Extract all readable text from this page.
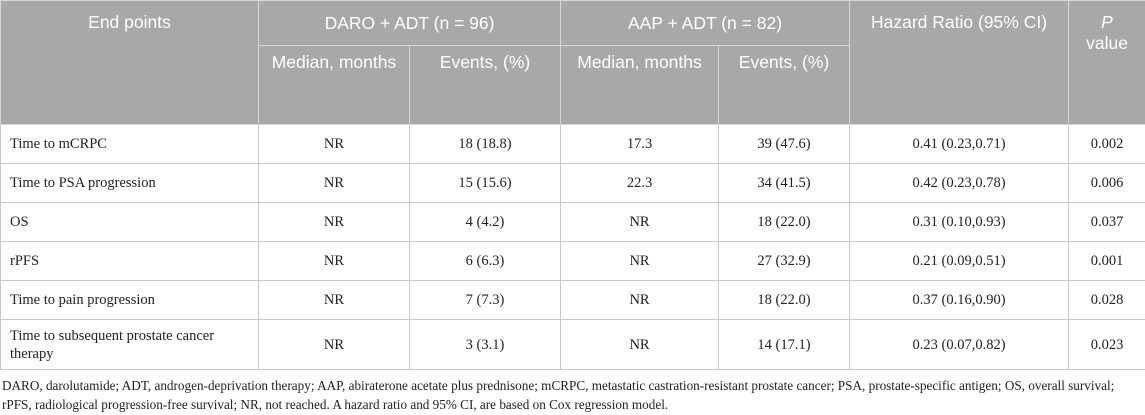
End points	DARO + ADT (n = 96)		AAP + ADT (n = 82)		Hazard Ratio (95% CI)	P
value
	Median, months	Events, (%)	Median, months	Events, (%)		
Time to mCRPC	NR	18 (18.8)	17.3	39 (47.6)	0.41 (0.23,0.71)	0.002
Time to PSA progression	NR	15 (15.6)	22.3	34 (41.5)	0.42 (0.23,0.78)	0.006
OS	NR	4 (4.2)	NR	18 (22.0)	0.31 (0.10,0.93)	0.037
rPFS	NR	6 (6.3)	NR	27 (32.9)	0.21 (0.09,0.51)	0.001
Time to pain progression	NR	7 (7.3)	NR	18 (22.0)	0.37 (0.16,0.90)	0.028
Time to subsequent prostate cancer therapy	NR	3 (3.1)	NR	14 (17.1)	0.23 (0.07,0.82)	0.023

DARO, darolutamide; ADT, androgen-deprivation therapy; AAP, abiraterone acetate plus prednisone; mCRPC, metastatic castration-resistant prostate cancer; PSA, prostate-specific antigen; OS, overall survival; rPFS, radiological progression-free survival; NR, not reached. A hazard ratio and 95% CI, are based on Cox regression model.
